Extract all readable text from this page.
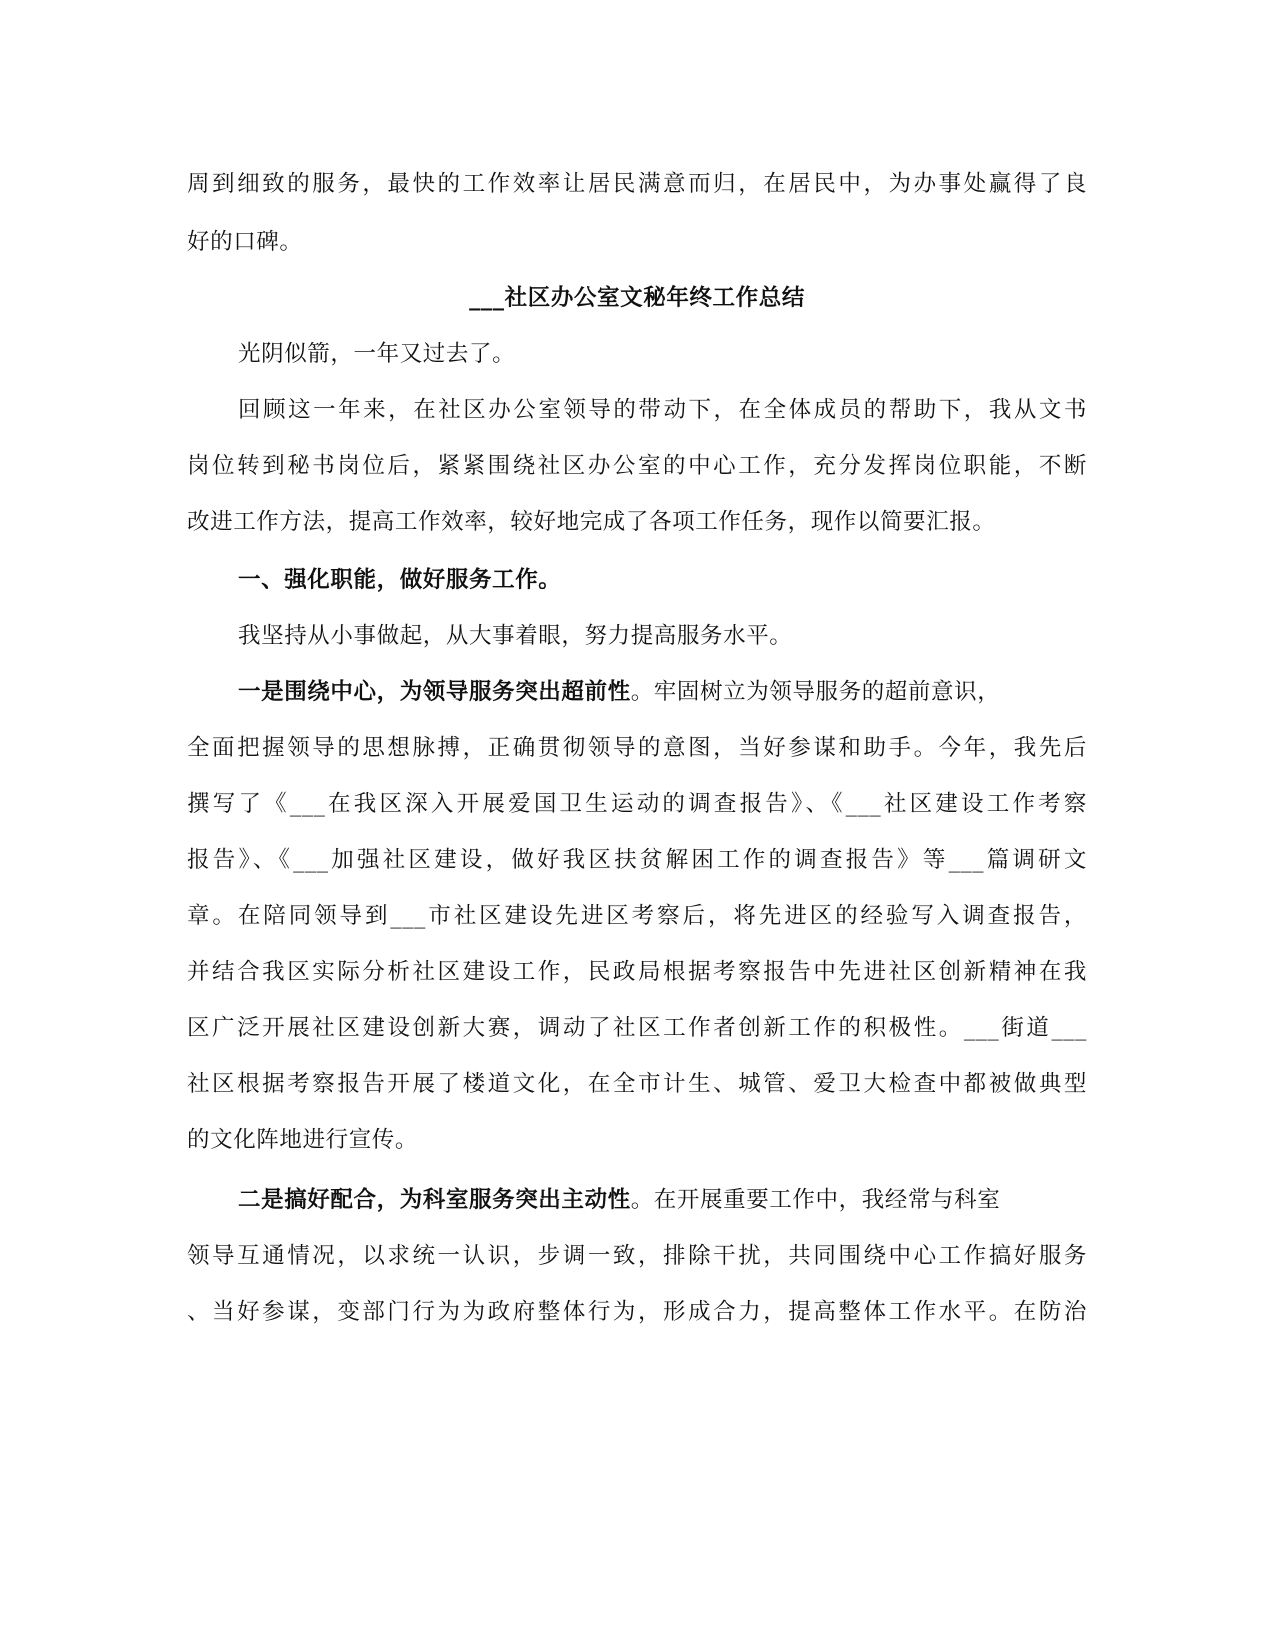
周到细致的服务，最快的工作效率让居民满意而归，在居民中，为办事处赢得了良
好的口碑。
___社区办公室文秘年终工作总结
光阴似箭，一年又过去了。
回顾这一年来，在社区办公室领导的带动下，在全体成员的帮助下，我从文书
岗位转到秘书岗位后，紧紧围绕社区办公室的中心工作，充分发挥岗位职能，不断
改进工作方法，提高工作效率，较好地完成了各项工作任务，现作以简要汇报。
一、强化职能，做好服务工作。
我坚持从小事做起，从大事着眼，努力提高服务水平。
一是围绕中心，为领导服务突出超前性。牢固树立为领导服务的超前意识，
全面把握领导的思想脉搏，正确贯彻领导的意图，当好参谋和助手。今年，我先后
撰写了《___在我区深入开展爱国卫生运动的调查报告》、《___社区建设工作考察
报告》、《___加强社区建设，做好我区扶贫解困工作的调查报告》等___篇调研文
章。在陪同领导到___市社区建设先进区考察后，将先进区的经验写入调查报告，
并结合我区实际分析社区建设工作，民政局根据考察报告中先进社区创新精神在我
区广泛开展社区建设创新大赛，调动了社区工作者创新工作的积极性。___街道___
社区根据考察报告开展了楼道文化，在全市计生、城管、爱卫大检查中都被做典型
的文化阵地进行宣传。
二是搞好配合，为科室服务突出主动性。在开展重要工作中，我经常与科室
领导互通情况，以求统一认识，步调一致，排除干扰，共同围绕中心工作搞好服务
、当好参谋，变部门行为为政府整体行为，形成合力，提高整体工作水平。在防治
